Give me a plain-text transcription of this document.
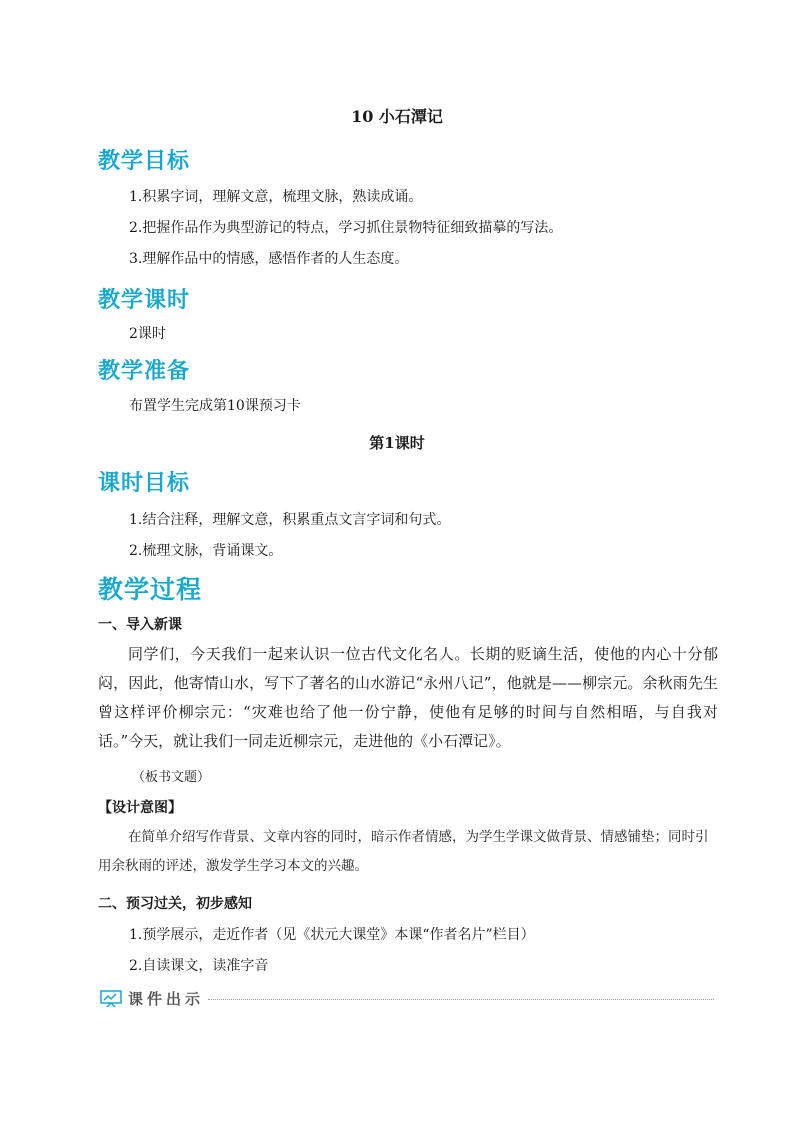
10 小石潭记
教学目标
1.积累字词，理解文意，梳理文脉，熟读成诵。
2.把握作品作为典型游记的特点，学习抓住景物特征细致描摹的写法。
3.理解作品中的情感，感悟作者的人生态度。
教学课时
2课时
教学准备
布置学生完成第10课预习卡
第1课时
课时目标
1.结合注释，理解文意，积累重点文言字词和句式。
2.梳理文脉，背诵课文。
教学过程
一、导入新课
同学们，今天我们一起来认识一位古代文化名人。长期的贬谪生活，使他的内心十分郁闷，因此，他寄情山水，写下了著名的山水游记“永州八记”，他就是——柳宗元。余秋雨先生曾这样评价柳宗元：“灾难也给了他一份宁静，使他有足够的时间与自然相晤，与自我对话。”今天，就让我们一同走近柳宗元，走进他的《小石潭记》。
（板书文题）
【设计意图】
在简单介绍写作背景、文章内容的同时，暗示作者情感，为学生学课文做背景、情感铺垫；同时引用余秋雨的评述，激发学生学习本文的兴趣。
二、预习过关，初步感知
1.预学展示，走近作者（见《状元大课堂》本课“作者名片”栏目）
2.自读课文，读准字音
课件出示
